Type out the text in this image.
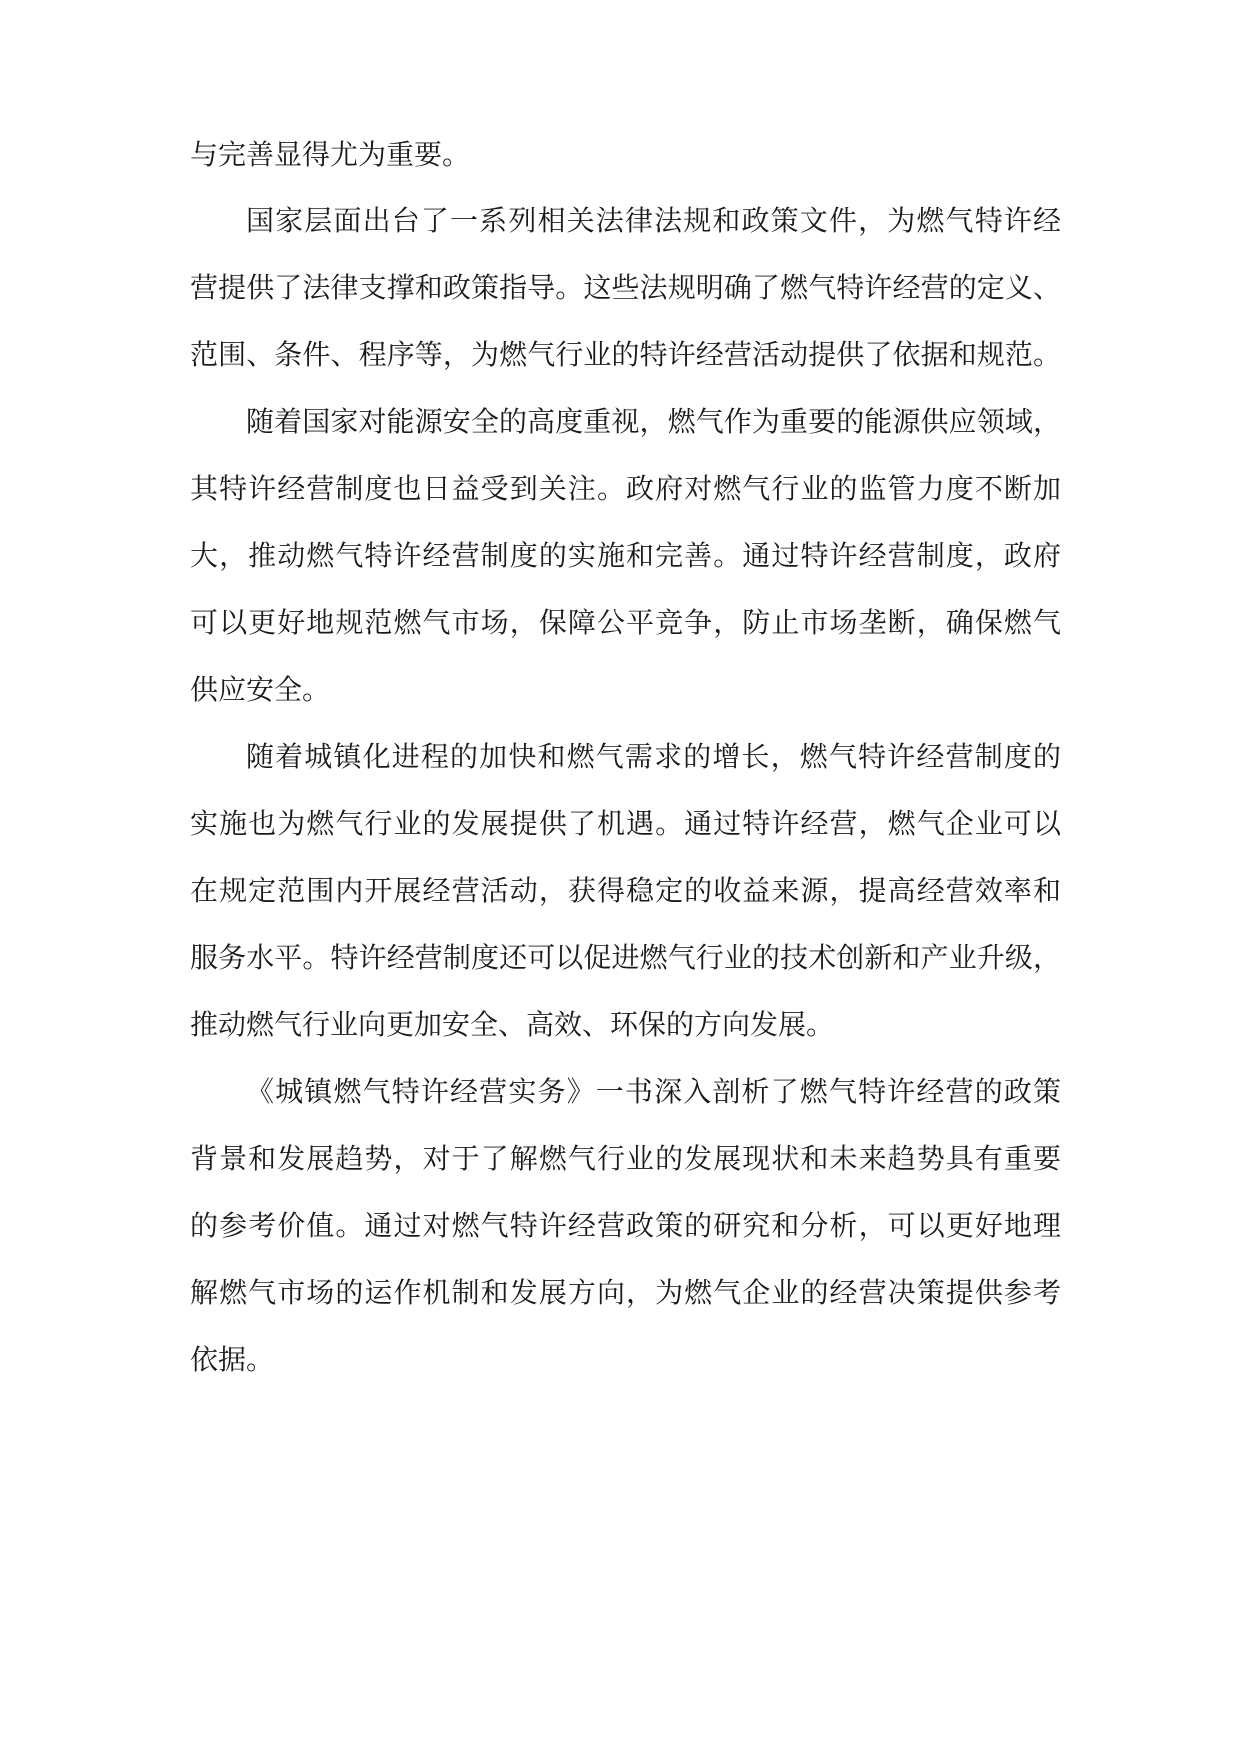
与完善显得尤为重要。
国家层面出台了一系列相关法律法规和政策文件，为燃气特许经
营提供了法律支撑和政策指导。这些法规明确了燃气特许经营的定义、
范围、条件、程序等，为燃气行业的特许经营活动提供了依据和规范。
随着国家对能源安全的高度重视，燃气作为重要的能源供应领域，
其特许经营制度也日益受到关注。政府对燃气行业的监管力度不断加
大，推动燃气特许经营制度的实施和完善。通过特许经营制度，政府
可以更好地规范燃气市场，保障公平竞争，防止市场垄断，确保燃气
供应安全。
随着城镇化进程的加快和燃气需求的增长，燃气特许经营制度的
实施也为燃气行业的发展提供了机遇。通过特许经营，燃气企业可以
在规定范围内开展经营活动，获得稳定的收益来源，提高经营效率和
服务水平。特许经营制度还可以促进燃气行业的技术创新和产业升级，
推动燃气行业向更加安全、高效、环保的方向发展。
《城镇燃气特许经营实务》一书深入剖析了燃气特许经营的政策
背景和发展趋势，对于了解燃气行业的发展现状和未来趋势具有重要
的参考价值。通过对燃气特许经营政策的研究和分析，可以更好地理
解燃气市场的运作机制和发展方向，为燃气企业的经营决策提供参考
依据。
